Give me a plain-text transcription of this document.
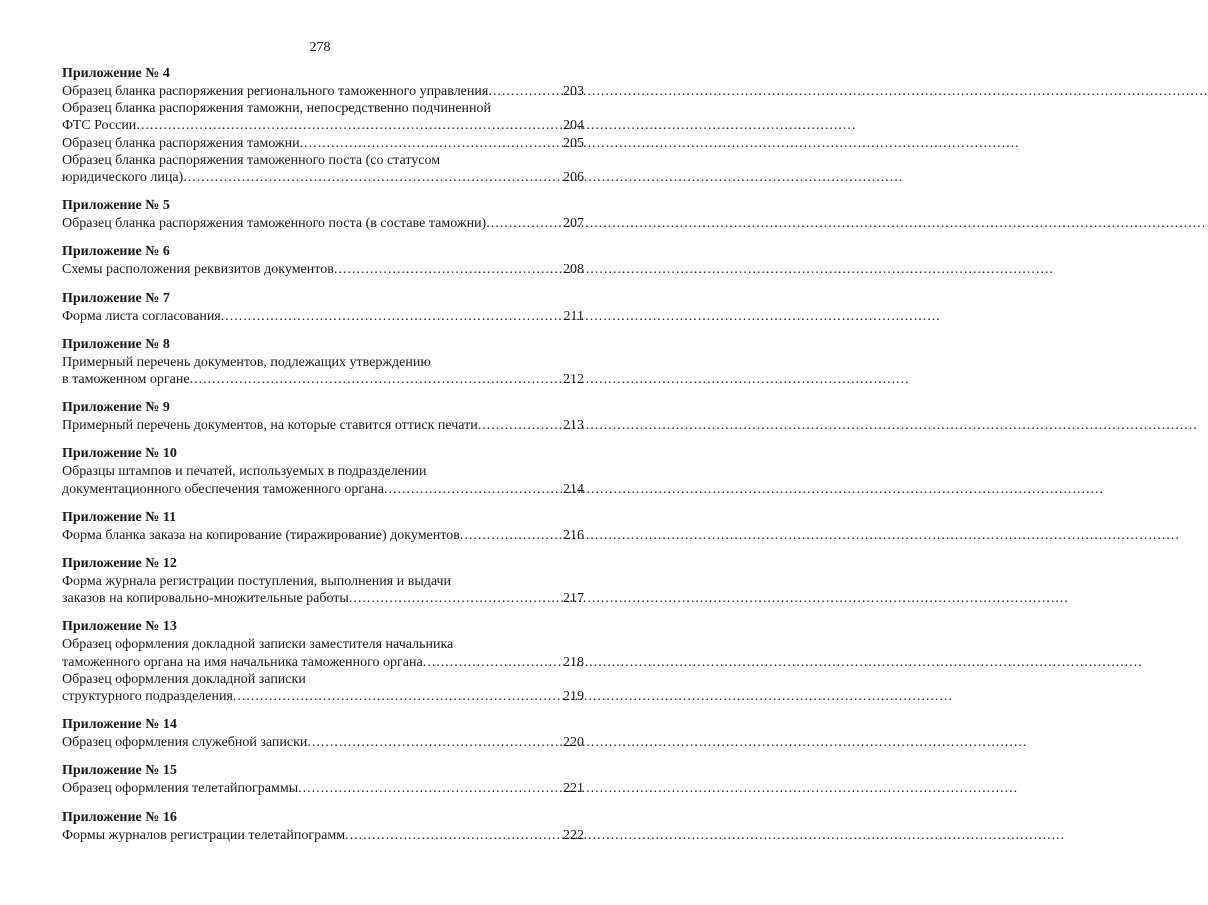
278
Приложение № 4
Образец бланка распоряжения регионального таможенного управления .....	203
Образец бланка распоряжения таможни, непосредственно подчиненной
ФТС России .....	204
Образец бланка распоряжения таможни .....	205
Образец бланка распоряжения таможенного поста (со статусом
юридического лица) .....	206
Приложение № 5
Образец бланка распоряжения таможенного поста (в составе таможни) .....	207
Приложение № 6
Схемы расположения реквизитов документов .....	208
Приложение № 7
Форма листа согласования .....	211
Приложение № 8
Примерный перечень документов, подлежащих утверждению
в таможенном органе .....	212
Приложение № 9
Примерный перечень документов, на которые ставится оттиск печати .....	213
Приложение № 10
Образцы штампов и печатей, используемых в подразделении
документационного обеспечения таможенного органа .....	214
Приложение № 11
Форма бланка заказа на копирование (тиражирование) документов .....	216
Приложение № 12
Форма журнала регистрации поступления, выполнения и выдачи
заказов на копировально-множительные работы .....	217
Приложение № 13
Образец оформления докладной записки заместителя начальника
таможенного органа на имя начальника таможенного органа .....	218
Образец оформления докладной записки
структурного подразделения .....	219
Приложение № 14
Образец оформления служебной записки .....	220
Приложение № 15
Образец оформления телетайпограммы .....	221
Приложение № 16
Формы журналов регистрации телетайпограмм .....	222
